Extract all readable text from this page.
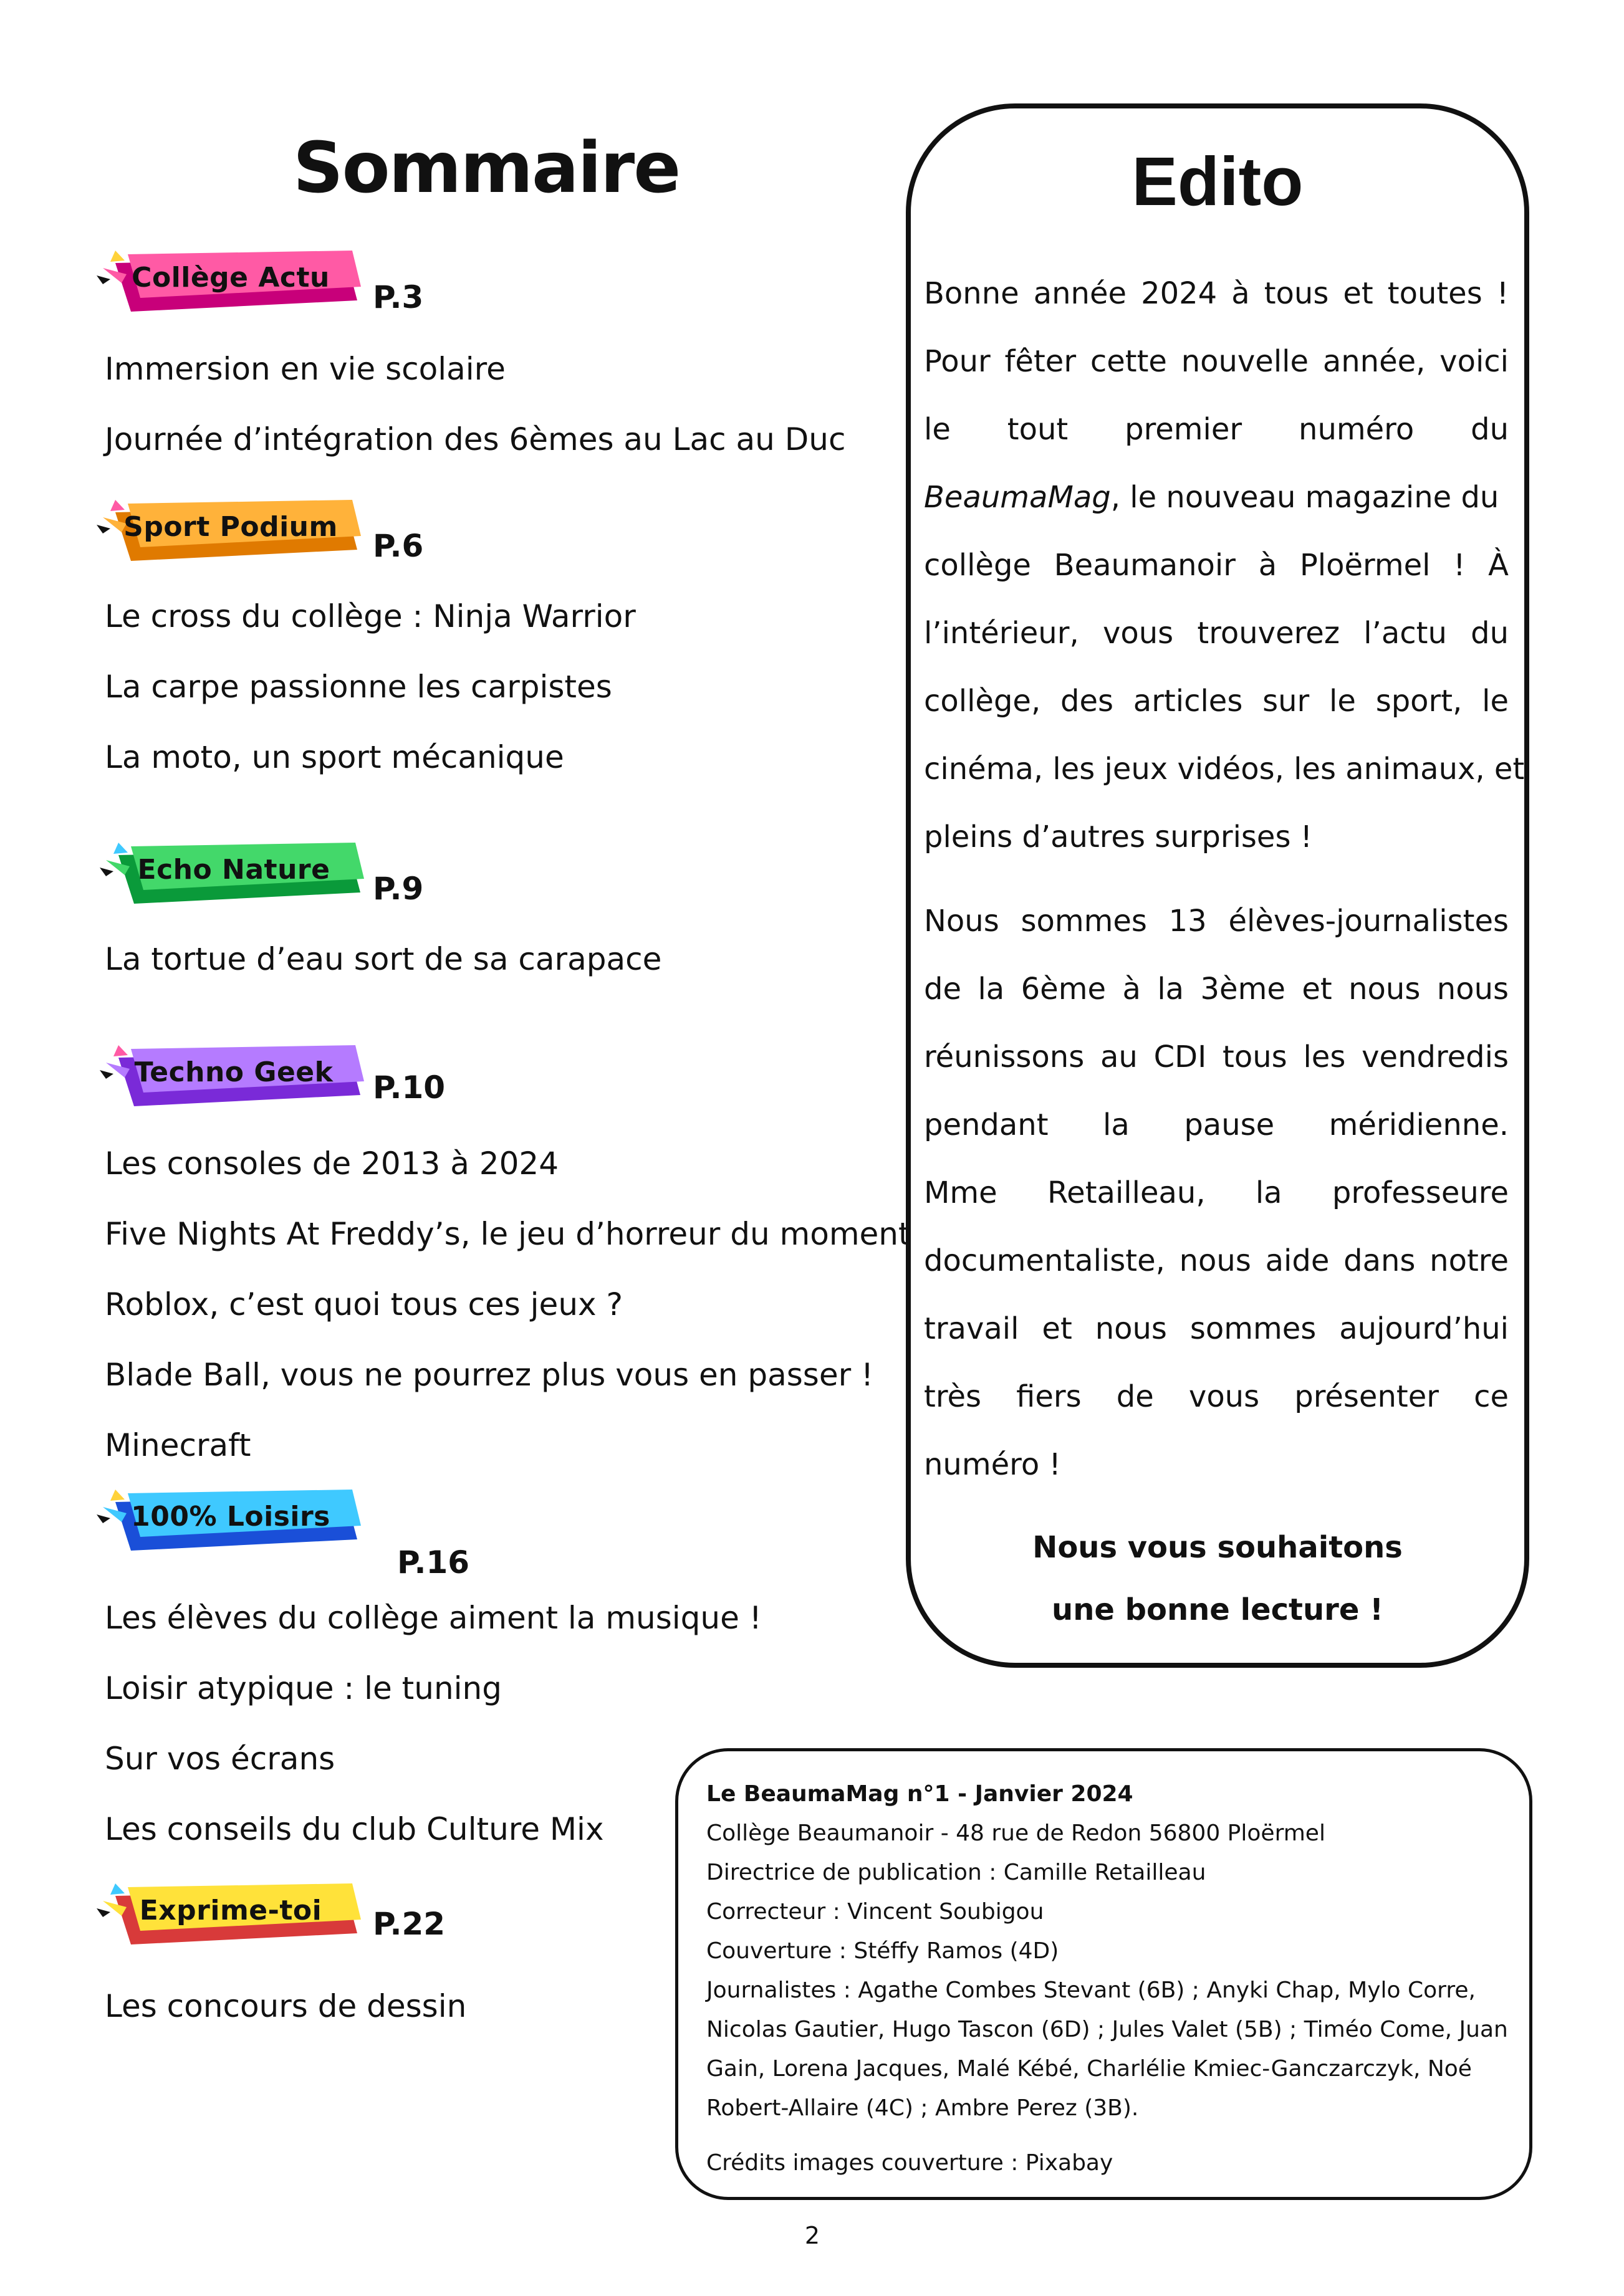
Sommaire
Collège Actu
P.3
Immersion en vie scolaire
Journée d’intégration des 6èmes au Lac au Duc
Sport Podium
P.6
Le cross du collège : Ninja Warrior
La carpe passionne les carpistes
La moto, un sport mécanique
Echo Nature
P.9
La tortue d’eau sort de sa carapace
Techno Geek	P.10
Les consoles de 2013 à 2024
Five Nights At Freddy’s, le jeu d’horreur du moment
Roblox, c’est quoi tous ces jeux ?
Blade Ball, vous ne pourrez plus vous en passer !
Minecraft
100% Loisirs
P.16
Les élèves du collège aiment la musique !
Loisir atypique : le tuning
Sur vos écrans
Les conseils du club Culture Mix
Exprime-toi	P.22
Les concours de dessin
Edito
Bonne année 2024 à tous et toutes !
Pour fêter cette nouvelle année, voici
le tout premier numéro du
BeaumaMag, le nouveau magazine du
collège Beaumanoir à Ploërmel ! À
l’intérieur, vous trouverez l’actu du
collège, des articles sur le sport, le
cinéma, les jeux vidéos, les animaux, et
pleins d’autres surprises !
Nous sommes 13 élèves-journalistes
de la 6ème à la 3ème et nous nous
réunissons au CDI tous les vendredis
pendant la pause méridienne.
Mme Retailleau, la professeure
documentaliste, nous aide dans notre
travail et nous sommes aujourd’hui
très fiers de vous présenter ce
numéro !
Nous vous souhaitons
une bonne lecture !
Le BeaumaMag n°1 - Janvier 2024
Collège Beaumanoir - 48 rue de Redon 56800 Ploërmel
Directrice de publication : Camille Retailleau
Correcteur : Vincent Soubigou
Couverture : Stéffy Ramos (4D)
Journalistes : Agathe Combes Stevant (6B) ; Anyki Chap, Mylo Corre,
Nicolas Gautier, Hugo Tascon (6D) ; Jules Valet (5B) ; Timéo Come, Juan
Gain, Lorena Jacques, Malé Kébé, Charlélie Kmiec-Ganczarczyk, Noé
Robert-Allaire (4C) ; Ambre Perez (3B).
Crédits images couverture : Pixabay
2
